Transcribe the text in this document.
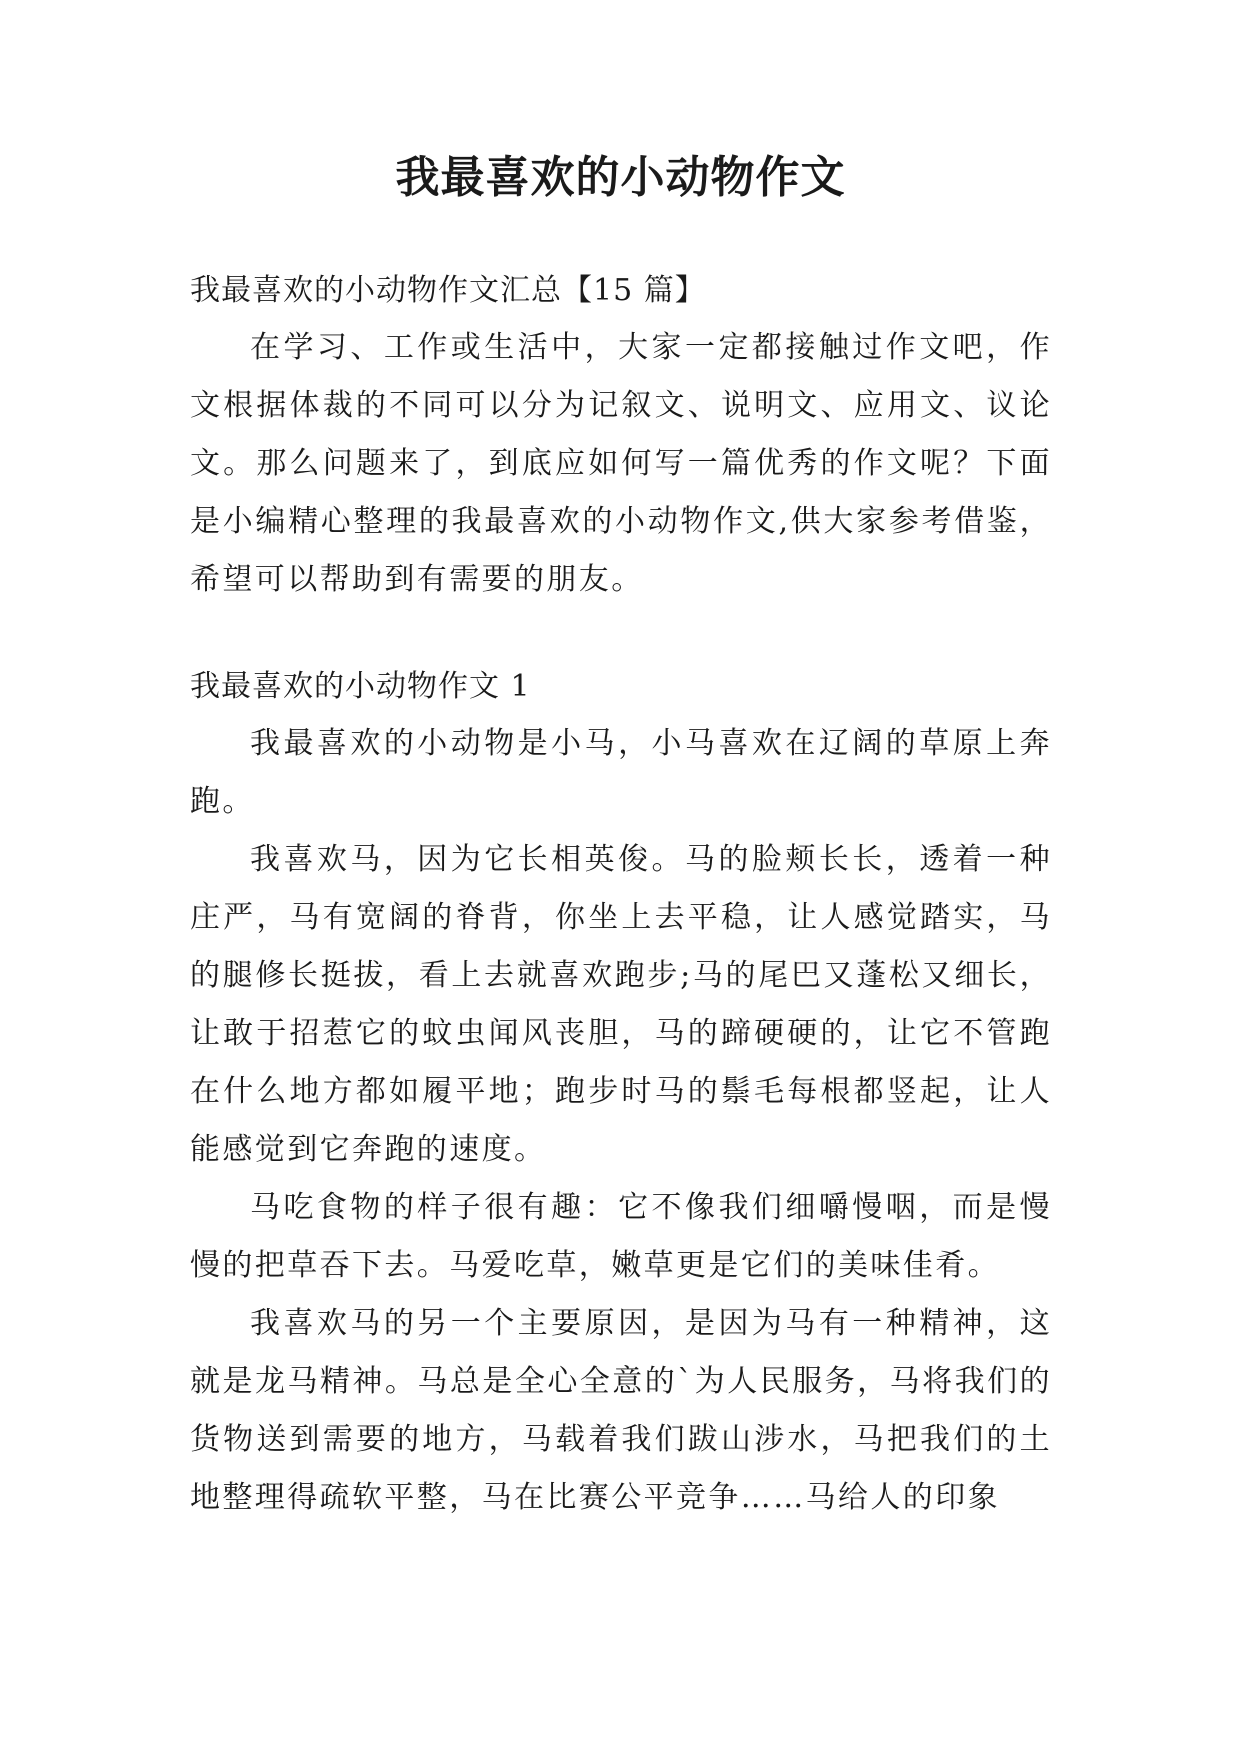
我最喜欢的小动物作文

我最喜欢的小动物作文汇总【15 篇】

在学习、工作或生活中，大家一定都接触过作文吧，作文根据体裁的不同可以分为记叙文、说明文、应用文、议论文。那么问题来了，到底应如何写一篇优秀的作文呢？下面是小编精心整理的我最喜欢的小动物作文,供大家参考借鉴，希望可以帮助到有需要的朋友。

我最喜欢的小动物作文 1

我最喜欢的小动物是小马，小马喜欢在辽阔的草原上奔跑。

我喜欢马，因为它长相英俊。马的脸颊长长，透着一种庄严，马有宽阔的脊背，你坐上去平稳，让人感觉踏实，马的腿修长挺拔，看上去就喜欢跑步;马的尾巴又蓬松又细长，让敢于招惹它的蚊虫闻风丧胆，马的蹄硬硬的，让它不管跑在什么地方都如履平地；跑步时马的鬃毛每根都竖起，让人能感觉到它奔跑的速度。

马吃食物的样子很有趣：它不像我们细嚼慢咽，而是慢慢的把草吞下去。马爱吃草，嫩草更是它们的美味佳肴。

我喜欢马的另一个主要原因，是因为马有一种精神，这就是龙马精神。马总是全心全意的`为人民服务，马将我们的货物送到需要的地方，马载着我们跋山涉水，马把我们的土地整理得疏软平整，马在比赛公平竞争……马给人的印象
